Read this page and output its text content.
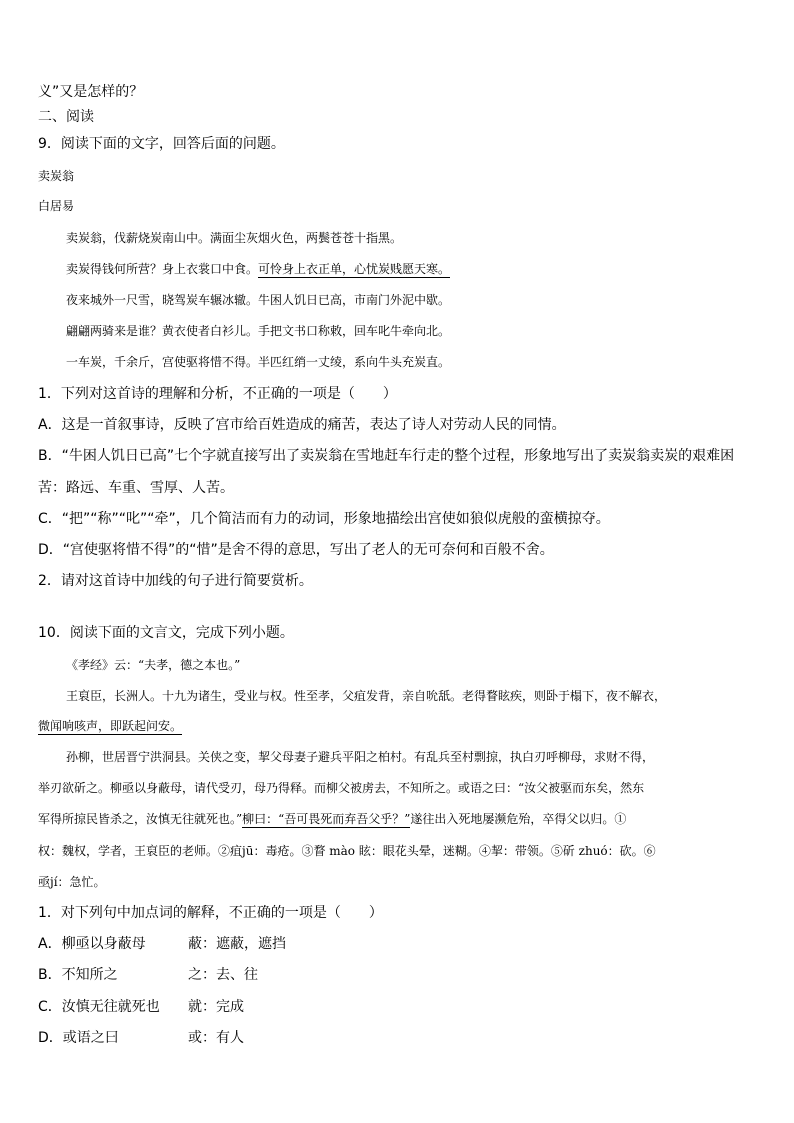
义”又是怎样的？
二、阅读
9．阅读下面的文字，回答后面的问题。
卖炭翁
白居易
卖炭翁，伐薪烧炭南山中。满面尘灰烟火色，两鬓苍苍十指黑。
卖炭得钱何所营？身上衣裳口中食。可怜身上衣正单，心忧炭贱愿天寒。
夜来城外一尺雪，晓驾炭车辗冰辙。牛困人饥日已高，市南门外泥中歇。
翩翩两骑来是谁？黄衣使者白衫儿。手把文书口称敕，回车叱牛牵向北。
一车炭，千余斤，宫使驱将惜不得。半匹红绡一丈绫，系向牛头充炭直。
1．下列对这首诗的理解和分析，不正确的一项是（　　）
A．这是一首叙事诗，反映了宫市给百姓造成的痛苦，表达了诗人对劳动人民的同情。
B．“牛困人饥日已高”七个字就直接写出了卖炭翁在雪地赶车行走的整个过程，形象地写出了卖炭翁卖炭的艰难困
苦：路远、车重、雪厚、人苦。
C．“把”“称”“叱”“牵”，几个简洁而有力的动词，形象地描绘出宫使如狼似虎般的蛮横掠夺。
D．“宫使驱将惜不得”的“惜”是舍不得的意思，写出了老人的无可奈何和百般不舍。
2．请对这首诗中加线的句子进行简要赏析。
10．阅读下面的文言文，完成下列小题。
《孝经》云：“夫孝，德之本也。”
王裒臣，长洲人。十九为诸生，受业与权。性至孝，父疽发背，亲自吮舐。老得瞀眩疾，则卧于榻下，夜不解衣，
微闻响咳声，即跃起问安。
孙柳，世居晋宁洪洞县。关侠之变，挈父母妻子避兵平阳之柏村。有乱兵至村剽掠，执白刃呼柳母，求财不得，
举刃欲斫之。柳亟以身蔽母，请代受刃，母乃得释。而柳父被虏去，不知所之。或语之曰：“汝父被驱而东矣，然东
军得所掠民皆杀之，汝慎无往就死也。”柳曰：“吾可畏死而弃吾父乎？”遂往出入死地屡濒危殆，卒得父以归。①
权：魏权，学者，王裒臣的老师。②疽jū：毒疮。③瞀 mào 眩：眼花头晕，迷糊。④挈：带领。⑤斫 zhuó：砍。⑥
亟jí：急忙。
1．对下列句中加点词的解释，不正确的一项是（　　）
A．柳亟以身蔽母	蔽：遮蔽，遮挡
B．不知所之	之：去、往
C．汝慎无往就死也 就：完成
D．或语之曰	或：有人
